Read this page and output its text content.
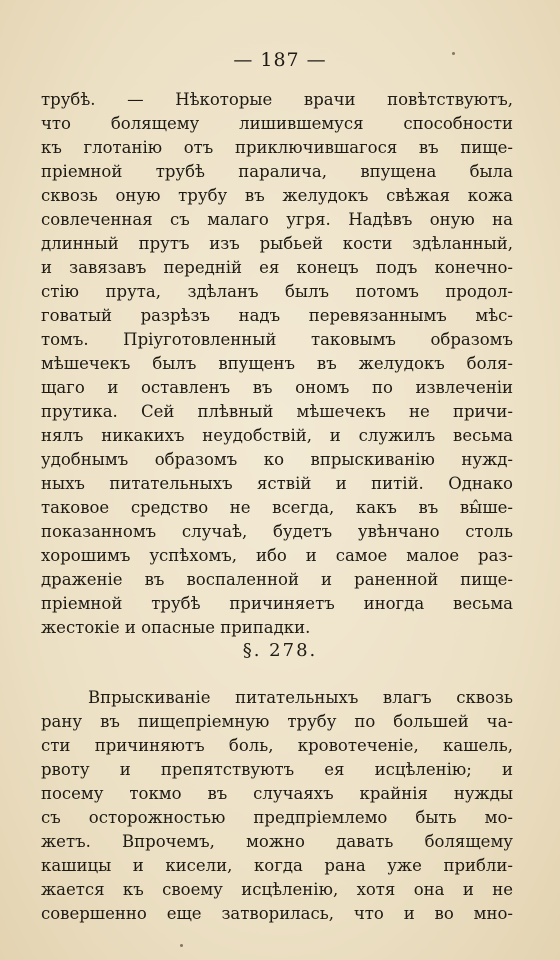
— 187 —
трубѣ. — Нѣкоторые врачи повѣтствуютъ,
что болящему лишившемуся способности
къ глотанію отъ приключившагося въ пище-
пріемной трубѣ паралича, впущена была
сквозь оную трубу въ желудокъ свѣжая кожа
совлеченная съ малаго угря. Надѣвъ оную на
длинный прутъ изъ рыбьей кости здѣланный,
и завязавъ передній ея конецъ подъ конечно-
стію прута, здѣланъ былъ потомъ продол-
говатый разрѣзъ надъ перевязаннымъ мѣс-
томъ. Пріуготовленный таковымъ образомъ
мѣшечекъ былъ впущенъ въ желудокъ боля-
щаго и оставленъ въ ономъ по извлеченіи
прутика. Сей плѣвный мѣшечекъ не причи-
нялъ никакихъ неудобствій, и служилъ весьма
удобнымъ образомъ ко впрыскиванію нужд-
ныхъ питательныхъ яствій и питій. Однако
таковое средство не всегда, какъ въ вы̂ше-
показанномъ случаѣ, будетъ увѣнчано столь
хорошимъ успѣхомъ, ибо и самое малое раз-
драженіе въ воспаленной и раненной пище-
пріемной трубѣ причиняетъ иногда весьма
жестокіе и опасные припадки.
§. 278.
Впрыскиваніе питательныхъ влагъ сквозь
рану въ пищепріемную трубу по большей ча-
сти причиняютъ боль, кровотеченіе, кашель,
рвоту и препятствуютъ ея исцѣленію; и
посему токмо въ случаяхъ крайнія нужды
съ осторожностью предпріемлемо быть мо-
жетъ. Впрочемъ, можно давать болящему
кашицы и кисели, когда рана уже прибли-
жается къ своему исцѣленію, хотя она и не
совершенно еще затворилась, что и во мно-
